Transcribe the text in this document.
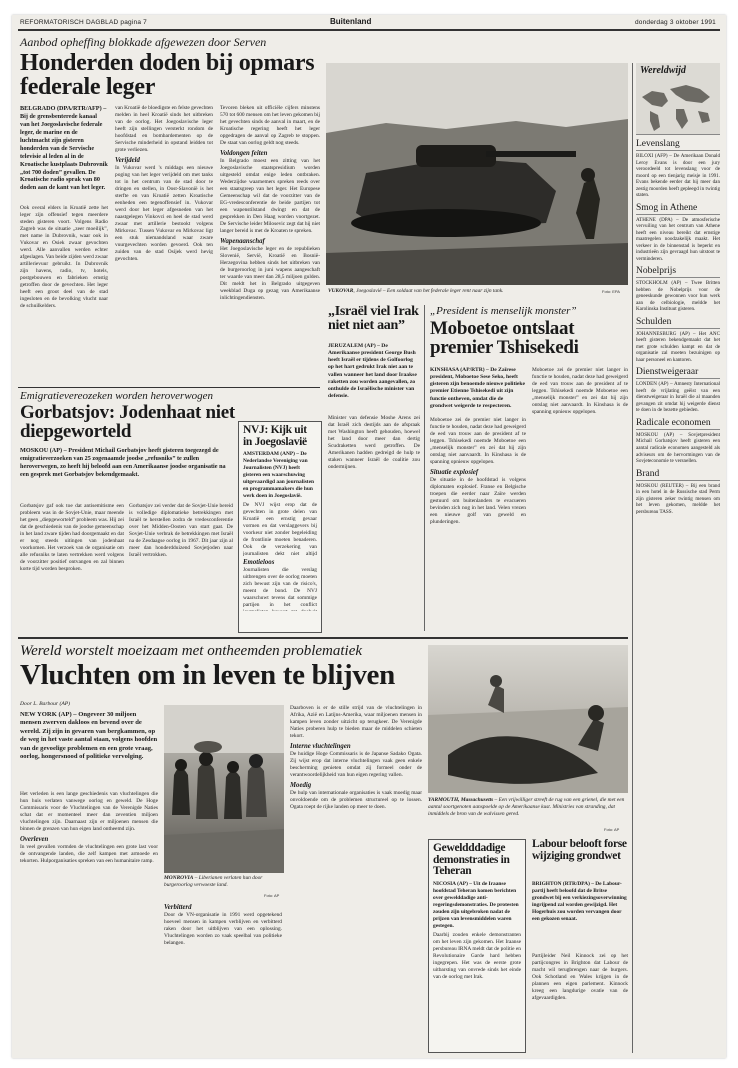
REFORMATORISCH DAGBLAD pagina 7	Buitenland	donderdag 3 oktober 1991
Aanbod opheffing blokkade afgewezen door Serven
Honderden doden bij opmars federale leger
BELGRADO (DPA/RTR/AFP) – Bij de grensbenterede kanaal van het Joegoslavische federale leger, de marine en de luchtmacht zijn gisteren honderden van de Servische televisie al leden al in de Kroatische kustplaats Dubrovnik „tot 700 doden” gevallen. De Kroatische radio sprak van 80 doden aan de kant van het leger.
Ook overal elders in Kroatië zette het leger zijn offensief tegen meerdere steden gisteren voort. Volgens Radio Zagreb was de situatie „zeer moeilijk”, met name in Dubrovnik, waar ook in Vukovar en Osiek zwaar gevochten werd. Alle aanvallen werden echter afgeslagen. Van beide zijden werd zwaar artillerievuur gebruikt. In Dubrovnik zijn havens, radio, tv, hotels, postgebouwen en fabrieken ernstig getroffen door de gevechten. Het leger heeft een groot deel van de stad ingesloten en de bevolking vlucht naar de schuilkelders.
van Kroatië de bloedigste en felste gevechten melden in heel Kroatië sinds het uitbreken van de oorlog. Het Joegoslavische leger heeft zijn stellingen versterkt rondom de hoofdstad en bombardementen op de Servische minderheid in opstand leidden tot grote verliezen.
Verijdeld
In Vukovar werd 's middags een nieuwe poging van het leger verijdeld om met tanks tot in het centrum van de stad door te dringen en stellen, in Oost-Slavonië is het sterfte en van Kroatië zetten Kroatische eenheden een tegenoffensief in. Vukovar werd door het leger afgesneden van het naastgelegen Vinkovci en heel de stad werd zwaar met artillerie bestookt volgens Mirkovac. Tussen Vukovar en Mirkovac ligt een stuk niemandsland waar zware vuurgevechten worden gevoerd. Ook ten zuiden van de stad Osijek werd hevig gevochten.
Tevoren bleken uit officiële cijfers minstens 570 tot 600 mensen om het leven gekomen bij het gevechten sinds de aanval in maart, en de Kroatische regering heeft het leger opgedragen de aanval op Zagreb te stoppen. De staat van oorlog geldt nog steeds.
Voldongen feiten
In Belgrado moest een zitting van het Joegoslavische staatspresidium worden uitgesteld omdat enige leden ontbraken. Wederzijdse waarnemers spreken reeds over een staatsgreep van het leger. Het Europese Gemeenschap wil dat de voorzitter van de EG-vredesconferentie de beide partijen tot een wapenstilstand dwingt en dat de gesprekken in Den Haag worden voortgezet. De Servische leider Milosevic zegt dat hij niet langer bereid is met de Kroaten te spreken.
Wapenaanschaf
Het Joegoslavische leger en de republieken Slovenië, Servië, Kroatië en Bosnië-Herzegovina hebben sinds het uitbreken van de burgeroorlog in juni wapens aangeschaft ter waarde van meer dan 28,5 miljoen gulden. Dit meldt het in Belgrado uitgegeven weekblad Duga op gezag van Amerikaanse inlichtingendiensten.
VUKOVAR, Joegoslavië – Een soldaat van het federale leger rent naar zijn tank.	Foto: EPA
Wereldwijd
Levenslang
BILOXI (AFP) – De Amerikaan Donald Leroy Evans is door een jury veroordeeld tot levenslang voor de moord op een tienjarig meisje in 1991. Evans bekende eerder dat hij meer dan zestig moorden heeft gepleegd in twintig staten.
Smog in Athene
ATHENE (DPA) – De atmosferische vervuiling van het centrum van Athene heeft een niveau bereikt dat ernstige maatregelen noodzakelijk maakt. Het verkeer in de binnenstad is beperkt en industrieën zijn gevraagd hun uitstoot te verminderen.
Nobelprijs
STOCKHOLM (AP) – Twee Britten hebben de Nobelprijs voor de geneeskunde gewonnen voor hun werk aan de celbiologie, meldde het Karolinska Instituut gisteren.
Schulden
JOHANNESBURG (AP) – Het ANC heeft gisteren bekendgemaakt dat het met grote schulden kampt en dat de organisatie zal moeten bezuinigen op haar personeel en kantoren.
Dienstweigeraar
LONDEN (AP) – Amnesty International heeft de vrijlating geëist van een dienstweigeraar in Israël die al maanden gevangen zit omdat hij weigerde dienst te doen in de bezette gebieden.
Radicale economen
MOSKOU (AP) – Sovjetpresident Michail Gorbatsjov heeft gisteren een aantal radicale economen aangesteld als adviseurs om de hervormingen van de Sovjeteconomie te versnellen.
Brand
MOSKOU (REUTER) – Bij een brand in een hotel in de Russische stad Perm zijn gisteren zeker twintig mensen om het leven gekomen, meldde het persbureau TASS.
Emigratievereozeken worden heroverwogen
Gorbatsjov: Jodenhaat niet diepgeworteld
MOSKOU (AP) – President Michail Gorbatsjov heeft gisteren toegezegd de emigratieverzoeken van 25 zogenaamde joodse „refusniks” te zullen heroverwegen, zo heeft hij beloofd aan een Amerikaanse joodse organisatie na een gesprek met Gorbatsjov bekendgemaakt.
Gorbatsjov gaf ook toe dat antisemitisme een probleem was in de Sovjet-Unie, maar meende het geen „diepgeworteld” probleem was. Hij zei dat de geschiedenis van de joodse gemeenschap in het land zware tijden had doorgemaakt en dat er nog steeds uitingen van jodenhaat voorkomen. Het verzoek van de organisatie om alle refusniks te laten vertrekken werd volgens de voorzitter positief ontvangen en zal binnen korte tijd worden besproken.
Gorbatsjov zei verder dat de Sovjet-Unie bereid is volledige diplomatieke betrekkingen met Israël te herstellen zodra de vredesconferentie over het Midden-Oosten van start gaat. De Sovjet-Unie verbrak de betrekkingen met Israël na de Zesdaagse oorlog in 1967. Dit jaar zijn al meer dan honderdduizend Sovjetjoden naar Israël vertrokken.
NVJ: Kijk uit in Joegoslavië
AMSTERDAM (ANP) – De Nederlandse Vereniging van Journalisten (NVJ) heeft gisteren een waarschuwing uitgevaardigd aan journalisten en programmamakers die hun werk doen in Joegoslavië.
De NVJ wijst erop dat de gevechten in grote delen van Kroatië een ernstig gevaar vormen en dat verslaggevers bij voorkeur niet zonder begeleiding de frontlinie moeten benaderen. Ook de verzekering van journalisten dekt niet altijd
Emotieloos
Journalisten die verslag uitbrengen over de oorlog moeten zich bewust zijn van de risico's, meent de bond. De NVJ waarschuwt tevens dat sommige partijen in het conflict
„Israël viel Irak niet niet aan”
JERUZALEM (AP) – De Amerikaanse president George Bush heeft Israël er tijdens de Golfoorlog op het hart gedrukt Irak niet aan te vallen wanneer het land door Iraakse raketten zou worden aangevallen, zo onthulde de Israëlische minister van defensie.
Minister van defensie Moshe Arens zei dat Israël zich destijds aan de afspraak met Washington heeft gehouden, hoewel het land door meer dan dertig Scudraketten werd getroffen. De Amerikanen hadden gedreigd de hulp te staken wanneer Israël de coalitie zou ondermijnen.
„President is menselijk monster”
Moboetoe ontslaat premier Tshisekedi
KINSHASA (AP/RTR) – De Zaïrese president, Moboetoe Sese Seko, heeft gisteren zijn benoemde nieuwe politieke premier Etienne Tshisekedi uit zijn functie ontheven, omdat die de grondwet weigerde te respecteren.
Moboetoe zei de premier niet langer in functie te houden, nadat deze had geweigerd de eed van trouw aan de president af te leggen. Tshisekedi noemde Moboetoe een „menselijk monster” en zei dat hij zijn ontslag niet aanvaardt. In Kinshasa is de spanning opnieuw opgelopen.
Situatie explosief
De situatie in de hoofdstad is volgens diplomaten explosief. Franse en Belgische troepen die eerder naar Zaïre werden gestuurd om buitenlanders te evacueren bevinden zich nog in het land. Velen vrezen een nieuwe golf van geweld en plunderingen.
Moboetoe zei de premier niet langer in functie te houden, nadat deze had geweigerd de eed van trouw aan de president af te leggen. Tshisekedi noemde Moboetoe een „menselijk monster” en zei dat hij zijn ontslag niet aanvaardt. In Kinshasa is de spanning opnieuw opgelopen.
Wereld worstelt moeizaam met ontheemden problematiek
Vluchten om in leven te blijven
Door L. Barbour (AP)
NEW YORK (AP) – Ongeveer 30 miljoen mensen zwerven dakloos en bevend over de wereld. Zij zijn in gevaren van bergkammen, op de weg in het vaste aantal staan, volgens hoofden van de gevoelige problemen en een grote vraag, oorlog, hongersnood of politieke vervolging.
Het verleden is een lange geschiedenis van vluchtelingen die hun huis verlaten vanwege oorlog en geweld. De Hoge Commissaris voor de Vluchtelingen van de Verenigde Naties schat dat er momenteel meer dan zeventien miljoen vluchtelingen zijn. Daarnaast zijn er miljoenen mensen die binnen de grenzen van hun eigen land ontheemd zijn.
Overleven
In veel gevallen vormden de vluchtelingen een grote last voor de ontvangende landen, die zelf kampen met armoede en tekorten. Hulporganisaties spreken van een humanitaire ramp.
MONROVIA – Liberianen verlaten hun door burgeroorlog verwoeste land.
Foto: AP
Verbitterd
Door de VN-organisatie in 1991 werd opgetekend hoeveel mensen in kampen verblijven en verbitterd raken door het uitblijven van een oplossing. Vluchtelingen worden zo vaak speelbal van politieke belangen.
Daarboven is er de stille strijd van de vluchtelingen in Afrika, Azië en Latijns-Amerika, waar miljoenen mensen in kampen leven zonder uitzicht op terugkeer. De Verenigde Naties proberen hulp te bieden maar de middelen schieten tekort.
Interne vluchtelingen
De huidige Hoge Commissaris is de Japanse Sadako Ogata. Zij wijst erop dat interne vluchtelingen vaak geen enkele bescherming genieten omdat zij formeel onder de verantwoordelijkheid van hun eigen regering vallen.
Moedig
De hulp van internationale organisaties is vaak moedig maar onvoldoende om de problemen structureel op te lossen. Ogata roept de rijke landen op meer te doen.
YARMOUTH, Massachusetts – Een vrijwilliger streeft de rug van een grienel, die met een aantal soortgenoten aanspoelde op de Amerikaanse kust. Ministries van stranding, dat inmiddels de bron van de walvissen gered.
Foto: AP
Geweldddadige demonstraties in Teheran
NICOSIA (AP) – Uit de Iraanse hoofdstad Teheran komen berichten over gewelddadige anti-regeringsdemonstraties. De protesten zouden zijn uitgebroken nadat de prijzen van levensmiddelen waren gestegen.
Daarbij zouden enkele demonstranten om het leven zijn gekomen. Het Iraanse persbureau IRNA meldt dat de politie en Revolutionaire Garde hard hebben ingegrepen. Het was de eerste grote uitbarsting van onvrede sinds het einde van de oorlog met Irak.
Labour belooft forse wijziging grondwet
BRIGHTON (RTR/DPA) – De Labour-partij heeft beloofd dat de Britse grondwet bij een verkiezingsoverwinning ingrijpend zal worden gewijzigd. Het Hogerhuis zou worden vervangen door een gekozen senaat.
Partijleider Neil Kinnock zei op het partijcongres in Brighton dat Labour de macht wil terugbrengen naar de burgers. Ook Schotland en Wales krijgen in de plannen een eigen parlement. Kinnock kreeg een langdurige ovatie van de afgevaardigden.
